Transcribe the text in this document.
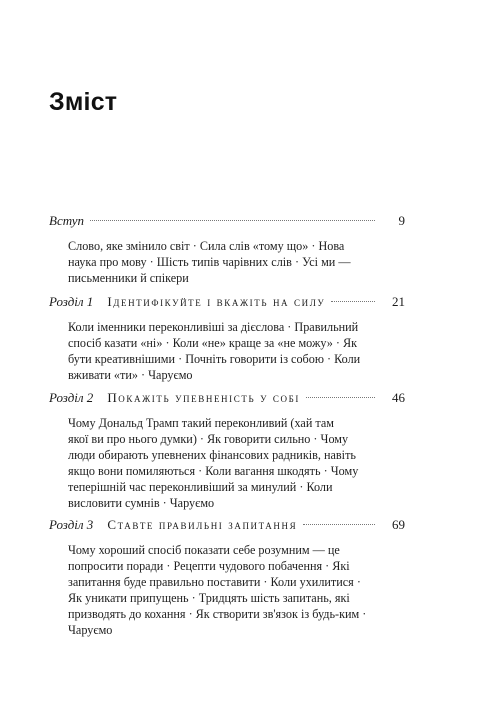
Зміст
Вступ	9

Слово, яке змінило світ · Сила слів «тому що» · Нова

наука про мову · Шість типів чарівних слів · Усі ми —

письменники й спікери

Розділ 1 Ідентифікуйте і вкажіть на силу	21

Коли іменники переконливіші за дієслова · Правильний

спосіб казати «ні» · Коли «не» краще за «не можу» · Як

бути креативнішими · Почніть говорити із собою · Коли

вживати «ти» · Чаруємо

Розділ 2 Покажіть упевненість у собі	46

Чому Дональд Трамп такий переконливий (хай там

якої ви про нього думки) · Як говорити сильно · Чому

люди обирають упевнених фінансових радників, навіть

якщо вони помиляються · Коли вагання шкодять · Чому

теперішній час переконливіший за минулий · Коли

висловити сумнів · Чаруємо

Розділ 3 Ставте правильні запитання	69

Чому хороший спосіб показати себе розумним — це

попросити поради · Рецепти чудового побачення · Які

запитання буде правильно поставити · Коли ухилитися ·

Як уникати припущень · Тридцять шість запитань, які

призводять до кохання · Як створити зв'язок із будь-ким ·

Чаруємо
